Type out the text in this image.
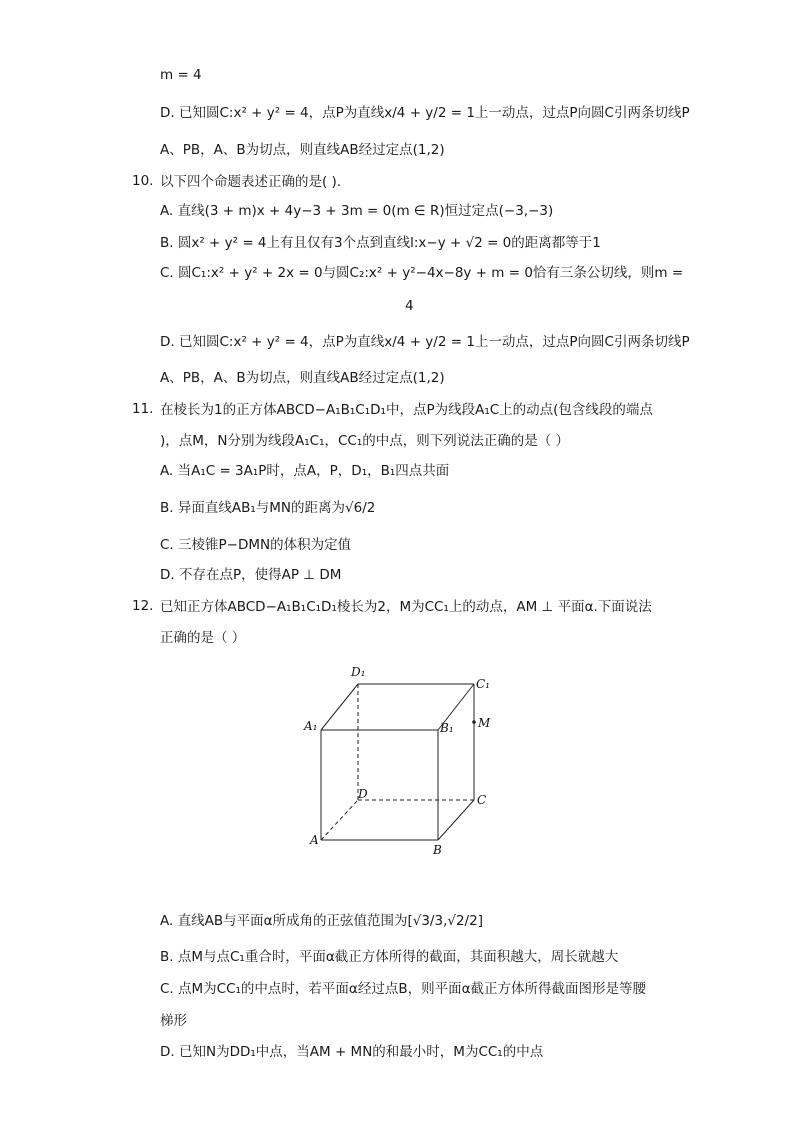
m = 4
D. 已知圆C:x² + y² = 4，点P为直线x/4 + y/2 = 1上一动点，过点P向圆C引两条切线P
A、PB，A、B为切点，则直线AB经过定点(1,2)
10. 以下四个命题表述正确的是( ).
A. 直线(3 + m)x + 4y−3 + 3m = 0(m ∈ R)恒过定点(−3,−3)
B. 圆x² + y² = 4上有且仅有3个点到直线l:x−y + √2 = 0的距离都等于1
C. 圆C₁:x² + y² + 2x = 0与圆C₂:x² + y²−4x−8y + m = 0恰有三条公切线，则m =
4
D. 已知圆C:x² + y² = 4，点P为直线x/4 + y/2 = 1上一动点，过点P向圆C引两条切线P
A、PB，A、B为切点，则直线AB经过定点(1,2)
11. 在棱长为1的正方体ABCD−A₁B₁C₁D₁中，点P为线段A₁C上的动点(包含线段的端点
)，点M，N分别为线段A₁C₁，CC₁的中点，则下列说法正确的是（ ）
A. 当A₁C = 3A₁P时，点A，P，D₁，B₁四点共面
B. 异面直线AB₁与MN的距离为√6/2
C. 三棱锥P−DMN的体积为定值
D. 不存在点P，使得AP ⊥ DM
12. 已知正方体ABCD−A₁B₁C₁D₁棱长为2，M为CC₁上的动点，AM ⊥ 平面α.下面说法
正确的是（ ）
D₁
C₁
A₁	B₁ M
D	C
A
B
A. 直线AB与平面α所成角的正弦值范围为[√3/3,√2/2]
B. 点M与点C₁重合时，平面α截正方体所得的截面，其面积越大，周长就越大
C. 点M为CC₁的中点时，若平面α经过点B，则平面α截正方体所得截面图形是等腰
梯形
D. 已知N为DD₁中点，当AM + MN的和最小时，M为CC₁的中点
